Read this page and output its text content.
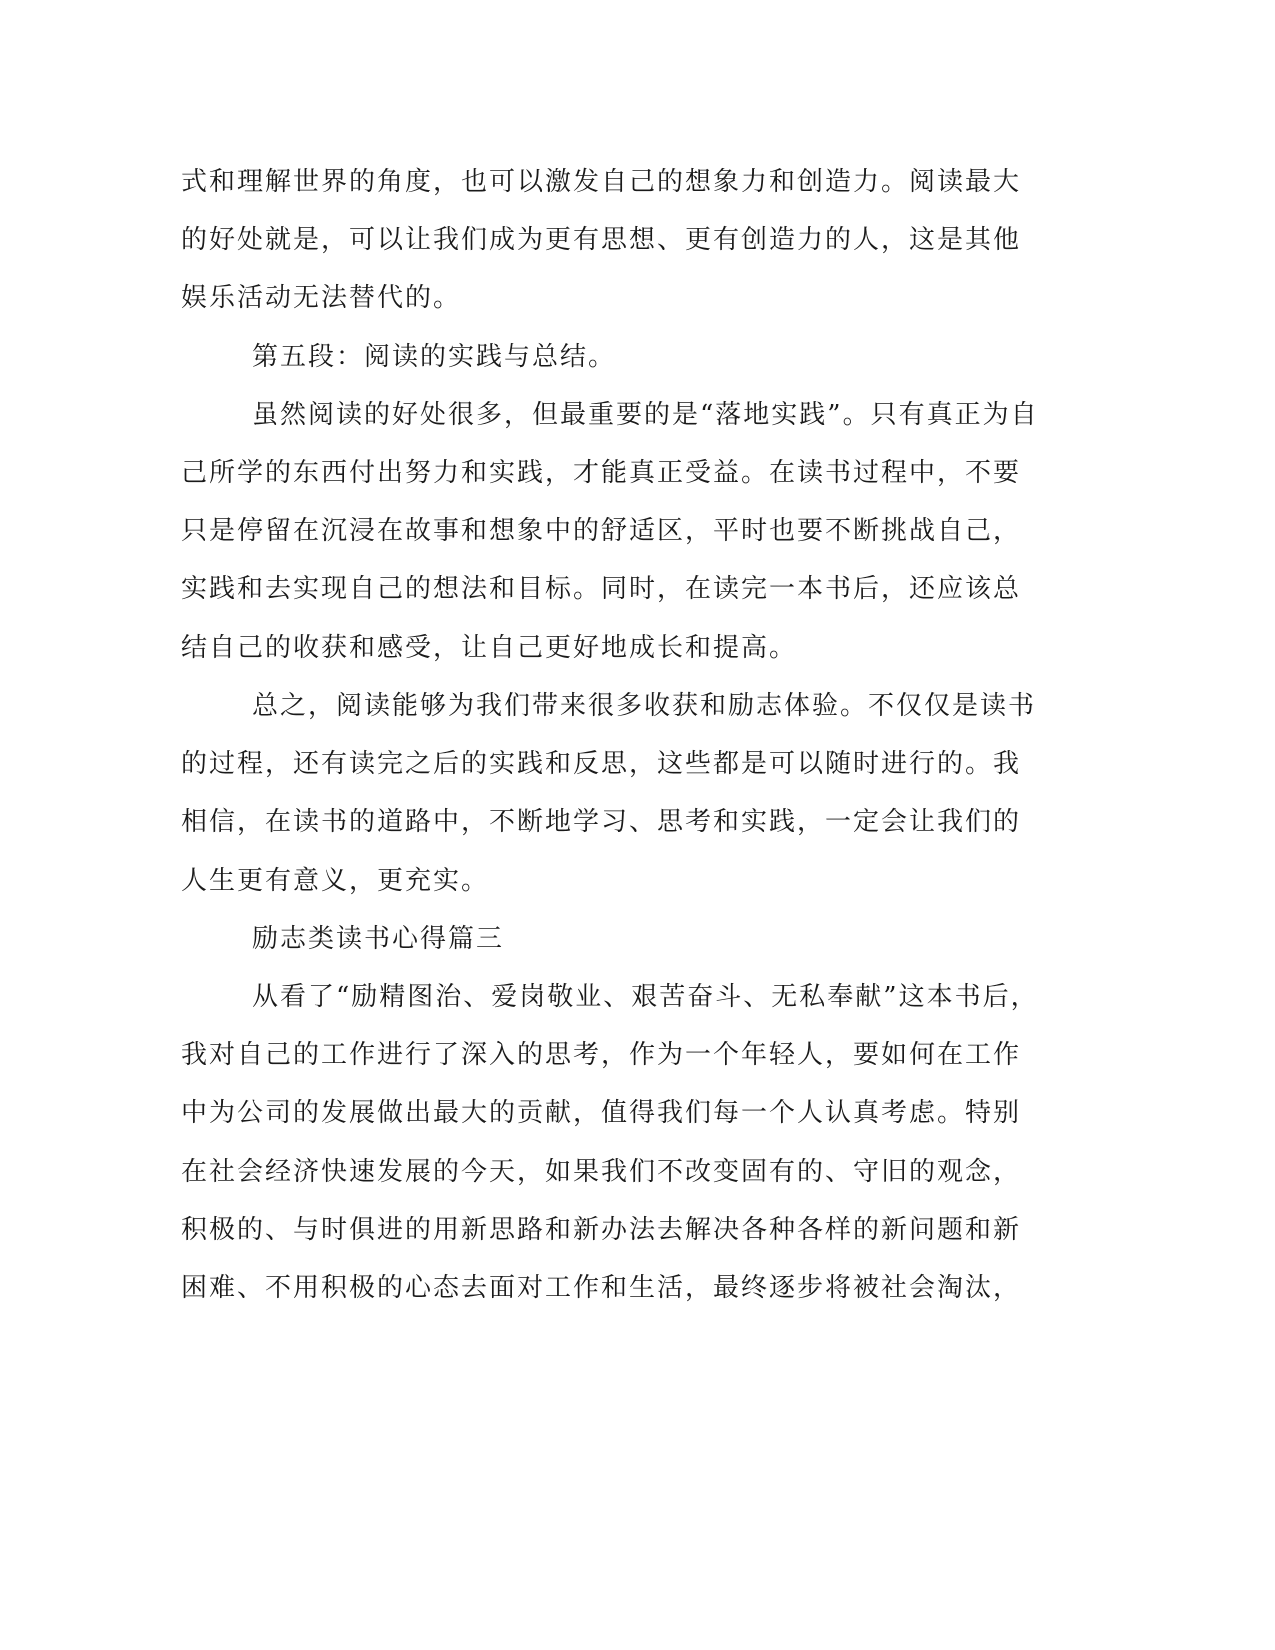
式和理解世界的角度，也可以激发自己的想象力和创造力。阅读最大
的好处就是，可以让我们成为更有思想、更有创造力的人，这是其他
娱乐活动无法替代的。
第五段：阅读的实践与总结。
虽然阅读的好处很多，但最重要的是“落地实践”。只有真正为自
己所学的东西付出努力和实践，才能真正受益。在读书过程中，不要
只是停留在沉浸在故事和想象中的舒适区，平时也要不断挑战自己，
实践和去实现自己的想法和目标。同时，在读完一本书后，还应该总
结自己的收获和感受，让自己更好地成长和提高。
总之，阅读能够为我们带来很多收获和励志体验。不仅仅是读书
的过程，还有读完之后的实践和反思，这些都是可以随时进行的。我
相信，在读书的道路中，不断地学习、思考和实践，一定会让我们的
人生更有意义，更充实。
励志类读书心得篇三
从看了“励精图治、爱岗敬业、艰苦奋斗、无私奉献”这本书后，
我对自己的工作进行了深入的思考，作为一个年轻人，要如何在工作
中为公司的发展做出最大的贡献，值得我们每一个人认真考虑。特别
在社会经济快速发展的今天，如果我们不改变固有的、守旧的观念，
积极的、与时俱进的用新思路和新办法去解决各种各样的新问题和新
困难、不用积极的心态去面对工作和生活，最终逐步将被社会淘汰，
